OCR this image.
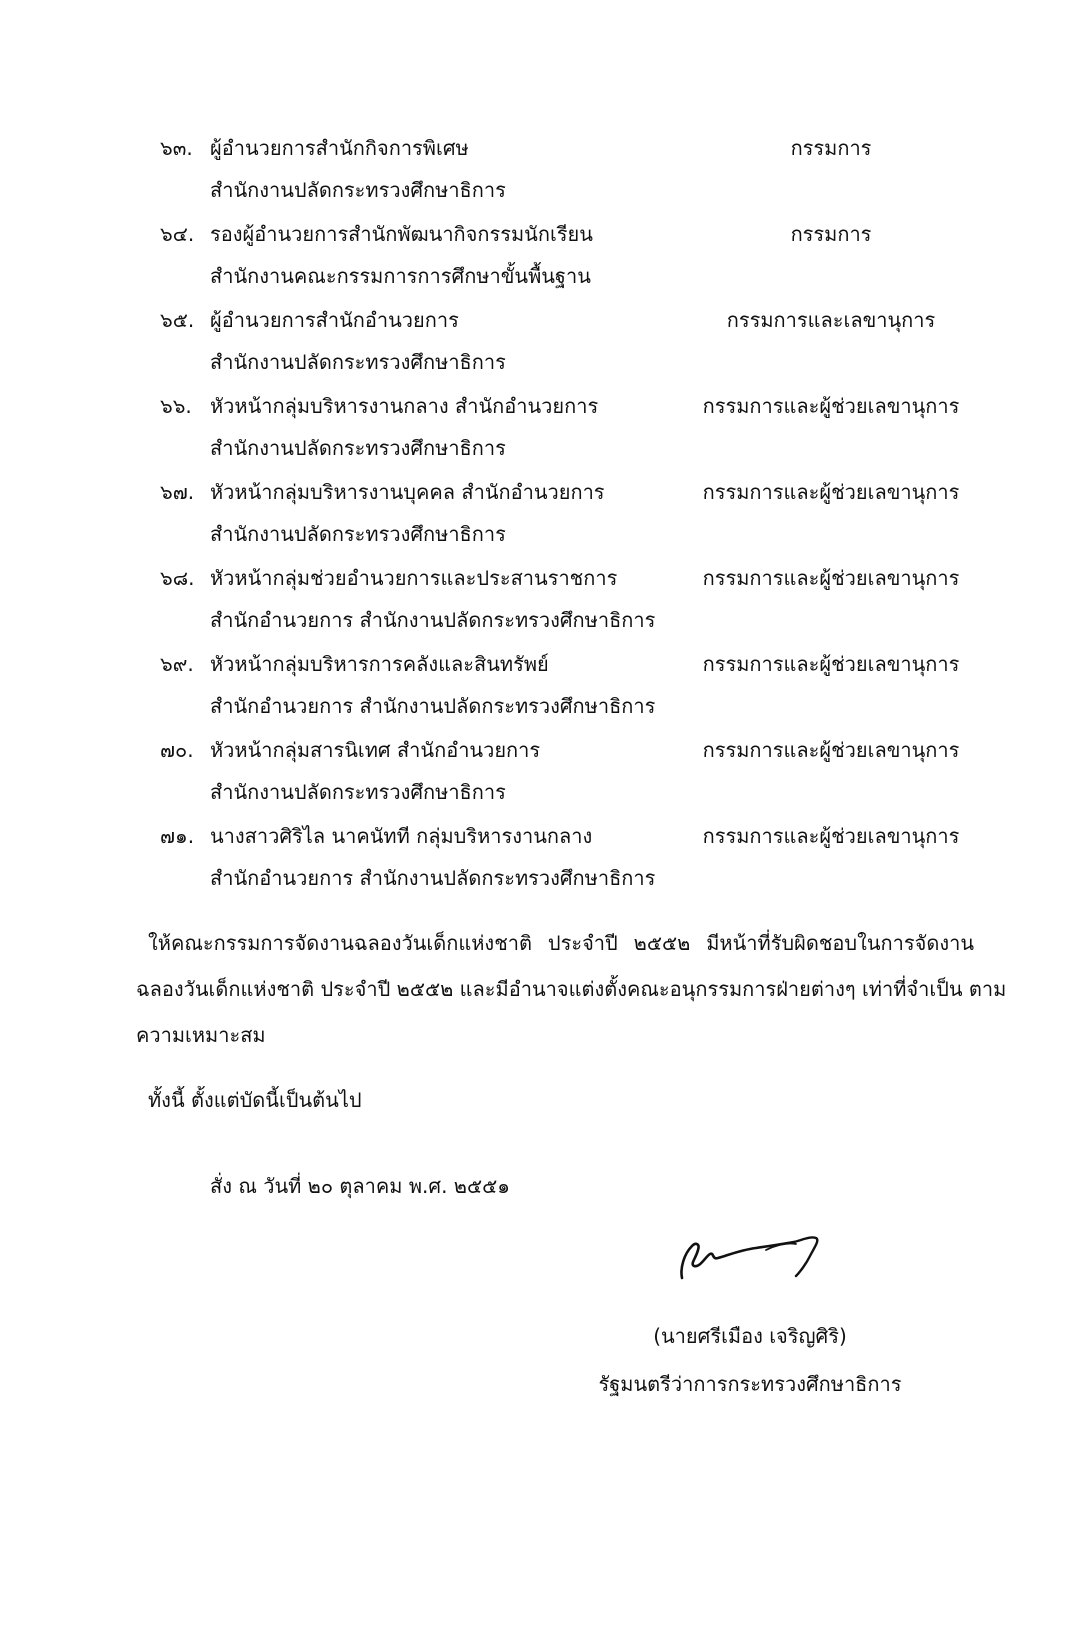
๖๓. ผู้อำนวยการสำนักกิจการพิเศษ
สำนักงานปลัดกระทรวงศึกษาธิการ
กรรมการ
๖๔. รองผู้อำนวยการสำนักพัฒนากิจกรรมนักเรียน
สำนักงานคณะกรรมการการศึกษาขั้นพื้นฐาน
กรรมการ
๖๕. ผู้อำนวยการสำนักอำนวยการ
สำนักงานปลัดกระทรวงศึกษาธิการ
กรรมการและเลขานุการ
๖๖. หัวหน้ากลุ่มบริหารงานกลาง สำนักอำนวยการ
สำนักงานปลัดกระทรวงศึกษาธิการ
กรรมการและผู้ช่วยเลขานุการ
๖๗. หัวหน้ากลุ่มบริหารงานบุคคล สำนักอำนวยการ
สำนักงานปลัดกระทรวงศึกษาธิการ
กรรมการและผู้ช่วยเลขานุการ
๖๘. หัวหน้ากลุ่มช่วยอำนวยการและประสานราชการ
สำนักอำนวยการ สำนักงานปลัดกระทรวงศึกษาธิการ
กรรมการและผู้ช่วยเลขานุการ
๖๙. หัวหน้ากลุ่มบริหารการคลังและสินทรัพย์
สำนักอำนวยการ สำนักงานปลัดกระทรวงศึกษาธิการ
กรรมการและผู้ช่วยเลขานุการ
๗๐. หัวหน้ากลุ่มสารนิเทศ สำนักอำนวยการ
สำนักงานปลัดกระทรวงศึกษาธิการ
กรรมการและผู้ช่วยเลขานุการ
๗๑. นางสาวศิริไล นาคนัทที กลุ่มบริหารงานกลาง
สำนักอำนวยการ สำนักงานปลัดกระทรวงศึกษาธิการ
กรรมการและผู้ช่วยเลขานุการ
ให้คณะกรรมการจัดงานฉลองวันเด็กแห่งชาติ ประจำปี ๒๕๕๒ มีหน้าที่รับผิดชอบในการจัดงาน
ฉลองวันเด็กแห่งชาติ ประจำปี ๒๕๕๒ และมีอำนาจแต่งตั้งคณะอนุกรรมการฝ่ายต่างๆ เท่าที่จำเป็น ตาม
ความเหมาะสม
ทั้งนี้ ตั้งแต่บัดนี้เป็นต้นไป
สั่ง ณ วันที่ ๒๐ ตุลาคม พ.ศ. ๒๕๕๑
(นายศรีเมือง เจริญศิริ)
รัฐมนตรีว่าการกระทรวงศึกษาธิการ
